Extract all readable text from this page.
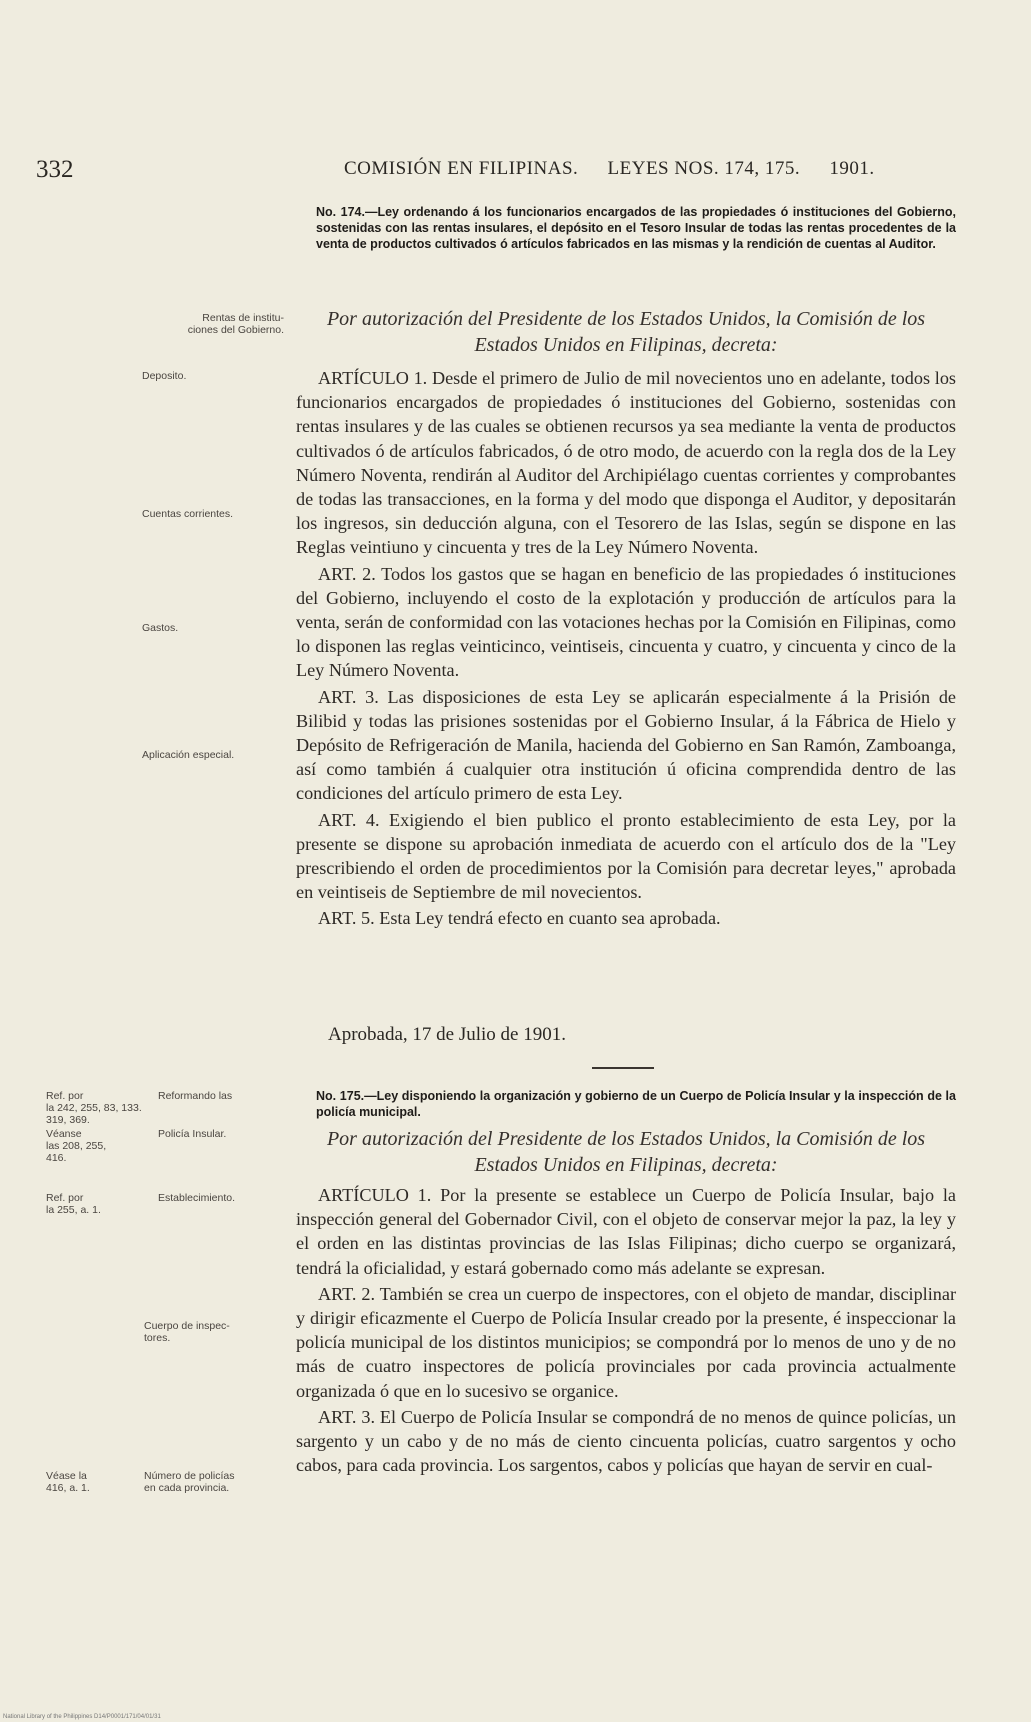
332	COMISIÓN EN FILIPINAS. LEYES NOS. 174, 175. 1901.
No. 174.—Ley ordenando á los funcionarios encargados de las propiedades ó instituciones del Gobierno, sostenidas con las rentas insulares, el depósito en el Tesoro Insular de todas las rentas procedentes de la venta de productos cultivados ó artículos fabricados en las mismas y la rendición de cuentas al Auditor.
Por autorización del Presidente de los Estados Unidos, la Comisión de los Estados Unidos en Filipinas, decreta:

ARTÍCULO 1. Desde el primero de Julio de mil novecientos uno en adelante, todos los funcionarios encargados de propiedades ó instituciones del Gobierno, sostenidas con rentas insulares y de las cuales se obtienen recursos ya sea mediante la venta de productos cultivados ó de artículos fabricados, ó de otro modo, de acuerdo con la regla dos de la Ley Número Noventa, rendirán al Auditor del Archipiélago cuentas corrientes y comprobantes de todas las transacciones, en la forma y del modo que disponga el Auditor, y depositarán los ingresos, sin deducción alguna, con el Tesorero de las Islas, según se dispone en las Reglas veintiuno y cincuenta y tres de la Ley Número Noventa.

ART. 2. Todos los gastos que se hagan en beneficio de las propiedades ó instituciones del Gobierno, incluyendo el costo de la explotación y producción de artículos para la venta, serán de conformidad con las votaciones hechas por la Comisión en Filipinas, como lo disponen las reglas veinticinco, veintiseis, cincuenta y cuatro, y cincuenta y cinco de la Ley Número Noventa.

ART. 3. Las disposiciones de esta Ley se aplicarán especialmente á la Prisión de Bilibid y todas las prisiones sostenidas por el Gobierno Insular, á la Fábrica de Hielo y Depósito de Refrigeración de Manila, hacienda del Gobierno en San Ramón, Zamboanga, así como también á cualquier otra institución ú oficina comprendida dentro de las condiciones del artículo primero de esta Ley.

ART. 4. Exigiendo el bien publico el pronto establecimiento de esta Ley, por la presente se dispone su aprobación inmediata de acuerdo con el artículo dos de la "Ley prescribiendo el orden de procedimientos por la Comisión para decretar leyes," aprobada en veintiseis de Septiembre de mil novecientos.

ART. 5. Esta Ley tendrá efecto en cuanto sea aprobada.

Aprobada, 17 de Julio de 1901.
No. 175.—Ley disponiendo la organización y gobierno de un Cuerpo de Policía Insular y la inspección de la policía municipal.
Por autorización del Presidente de los Estados Unidos, la Comisión de los Estados Unidos en Filipinas, decreta:

ARTÍCULO 1. Por la presente se establece un Cuerpo de Policía Insular, bajo la inspección general del Gobernador Civil, con el objeto de conservar mejor la paz, la ley y el orden en las distintas provincias de las Islas Filipinas; dicho cuerpo se organizará, tendrá la oficialidad, y estará gobernado como más adelante se expresan.

ART. 2. También se crea un cuerpo de inspectores, con el objeto de mandar, disciplinar y dirigir eficazmente el Cuerpo de Policía Insular creado por la presente, é inspeccionar la policía municipal de los distintos municipios; se compondrá por lo menos de uno y de no más de cuatro inspectores de policía provinciales por cada provincia actualmente organizada ó que en lo sucesivo se organice.

ART. 3. El Cuerpo de Policía Insular se compondrá de no menos de quince policías, un sargento y un cabo y de no más de ciento cincuenta policías, cuatro sargentos y ocho cabos, para cada provincia. Los sargentos, cabos y policías que hayan de servir en cual-

Rentas de institu-
ciones del Gobierno.
Deposito.
Cuentas corrientes.
Gastos.
Aplicación especial.
Ref. por
la 242, 255, 83, 133.
319, 369.
Reformando las
Véanse
las 208, 255,
416.
Policía Insular.
Ref. por
la 255, a. 1.
Establecimiento.
Cuerpo de inspec-
tores.
Véase la
416, a. 1.
Número de policías
en cada provincia.
National Library of the Philippines D14/P0001/171/04/01/31
